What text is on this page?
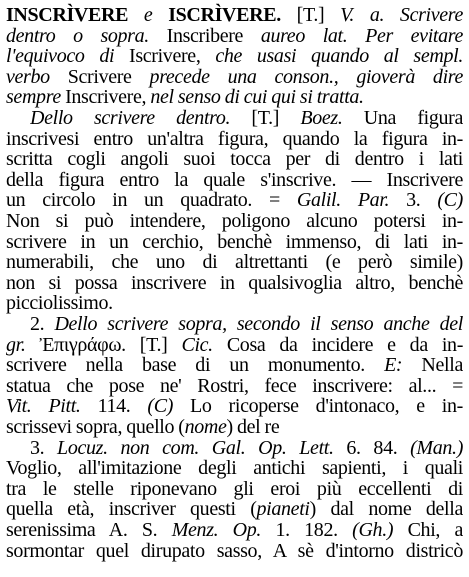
INSCRÌVERE e ISCRÌVERE. [T.] V. a. Scrivere
dentro o sopra. Inscribere aureo lat. Per evitare
l'equivoco di Iscrivere, che usasi quando al sempl.
verbo Scrivere precede una conson., gioverà dire
sempre Inscrivere, nel senso di cui qui si tratta.
Dello scrivere dentro. [T.] Boez. Una figura
inscrivesi entro un'altra figura, quando la figura in-
scritta cogli angoli suoi tocca per di dentro i lati
della figura entro la quale s'inscrive. — Inscrivere
un circolo in un quadrato. = Galil. Par. 3. (C)
Non si può intendere, poligono alcuno potersi in-
scrivere in un cerchio, benchè immenso, di lati in-
numerabili, che uno di altrettanti (e però simile)
non si possa inscrivere in qualsivoglia altro, benchè
picciolissimo.
2. Dello scrivere sopra, secondo il senso anche del
gr. Ἐπιγράφω. [T.] Cic. Cosa da incidere e da in-
scrivere nella base di un monumento. E: Nella
statua che pose ne' Rostri, fece inscrivere: al... =
Vit. Pitt. 114. (C) Lo ricoperse d'intonaco, e in-
scrissevi sopra, quello (nome) del re
3. Locuz. non com. Gal. Op. Lett. 6. 84. (Man.)
Voglio, all'imitazione degli antichi sapienti, i quali
tra le stelle riponevano gli eroi più eccellenti di
quella età, inscriver questi (pianeti) dal nome della
serenissima A. S. Menz. Op. 1. 182. (Gh.) Chi, a
sormontar quel dirupato sasso, A sè d'intorno districò
